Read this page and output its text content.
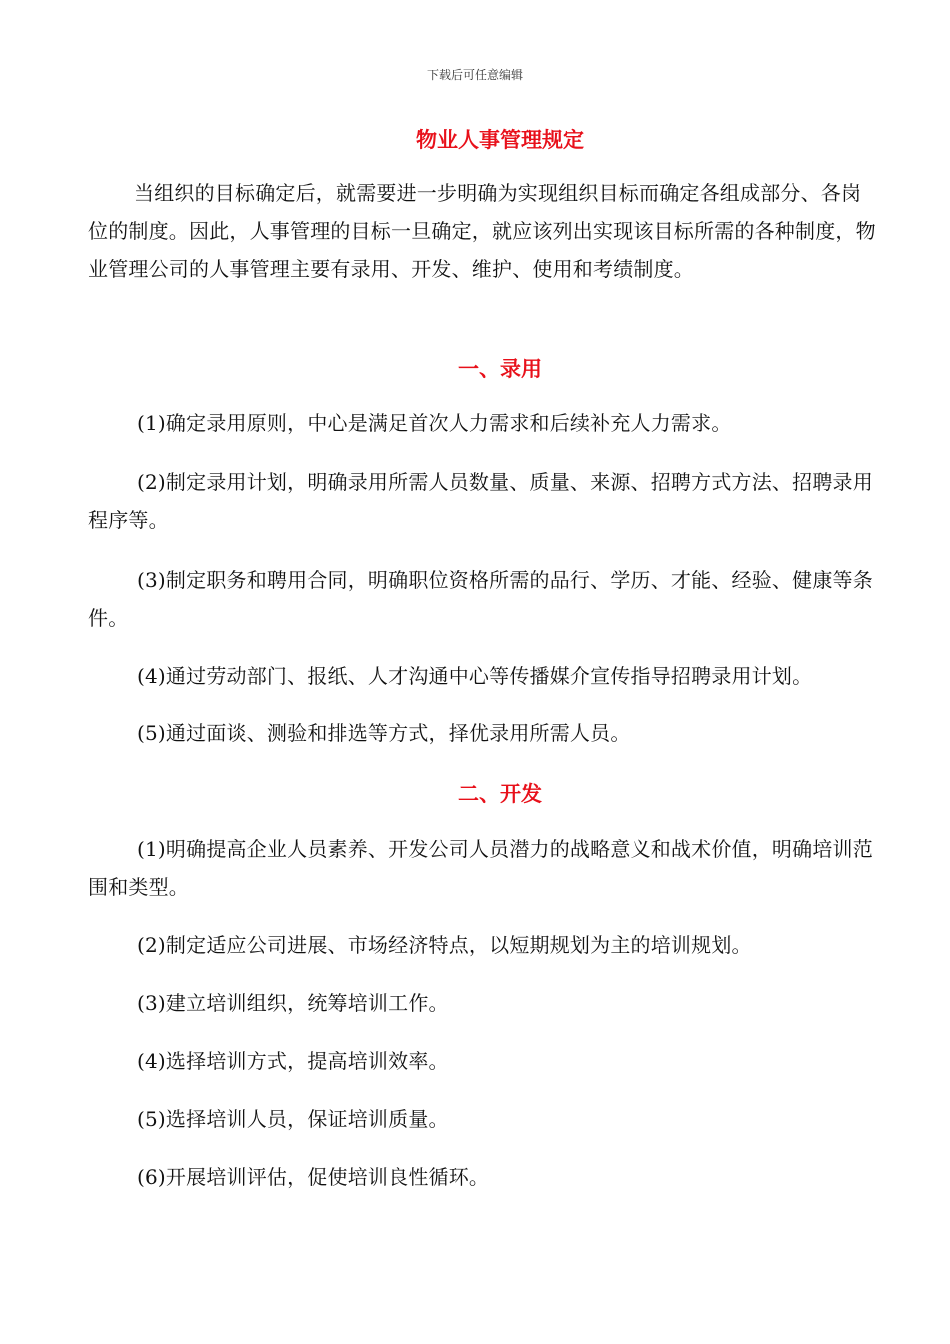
下载后可任意编辑
物业人事管理规定

当组织的目标确定后，就需要进一步明确为实现组织目标而确定各组成部分、各岗位的制度。因此，人事管理的目标一旦确定，就应该列出实现该目标所需的各种制度，物业管理公司的人事管理主要有录用、开发、维护、使用和考绩制度。

一、录用

(1)确定录用原则，中心是满足首次人力需求和后续补充人力需求。

(2)制定录用计划，明确录用所需人员数量、质量、来源、招聘方式方法、招聘录用程序等。

(3)制定职务和聘用合同，明确职位资格所需的品行、学历、才能、经验、健康等条件。

(4)通过劳动部门、报纸、人才沟通中心等传播媒介宣传指导招聘录用计划。

(5)通过面谈、测验和排选等方式，择优录用所需人员。

二、开发

(1)明确提高企业人员素养、开发公司人员潜力的战略意义和战术价值，明确培训范围和类型。

(2)制定适应公司进展、市场经济特点，以短期规划为主的培训规划。

(3)建立培训组织，统筹培训工作。

(4)选择培训方式，提高培训效率。

(5)选择培训人员，保证培训质量。

(6)开展培训评估，促使培训良性循环。
